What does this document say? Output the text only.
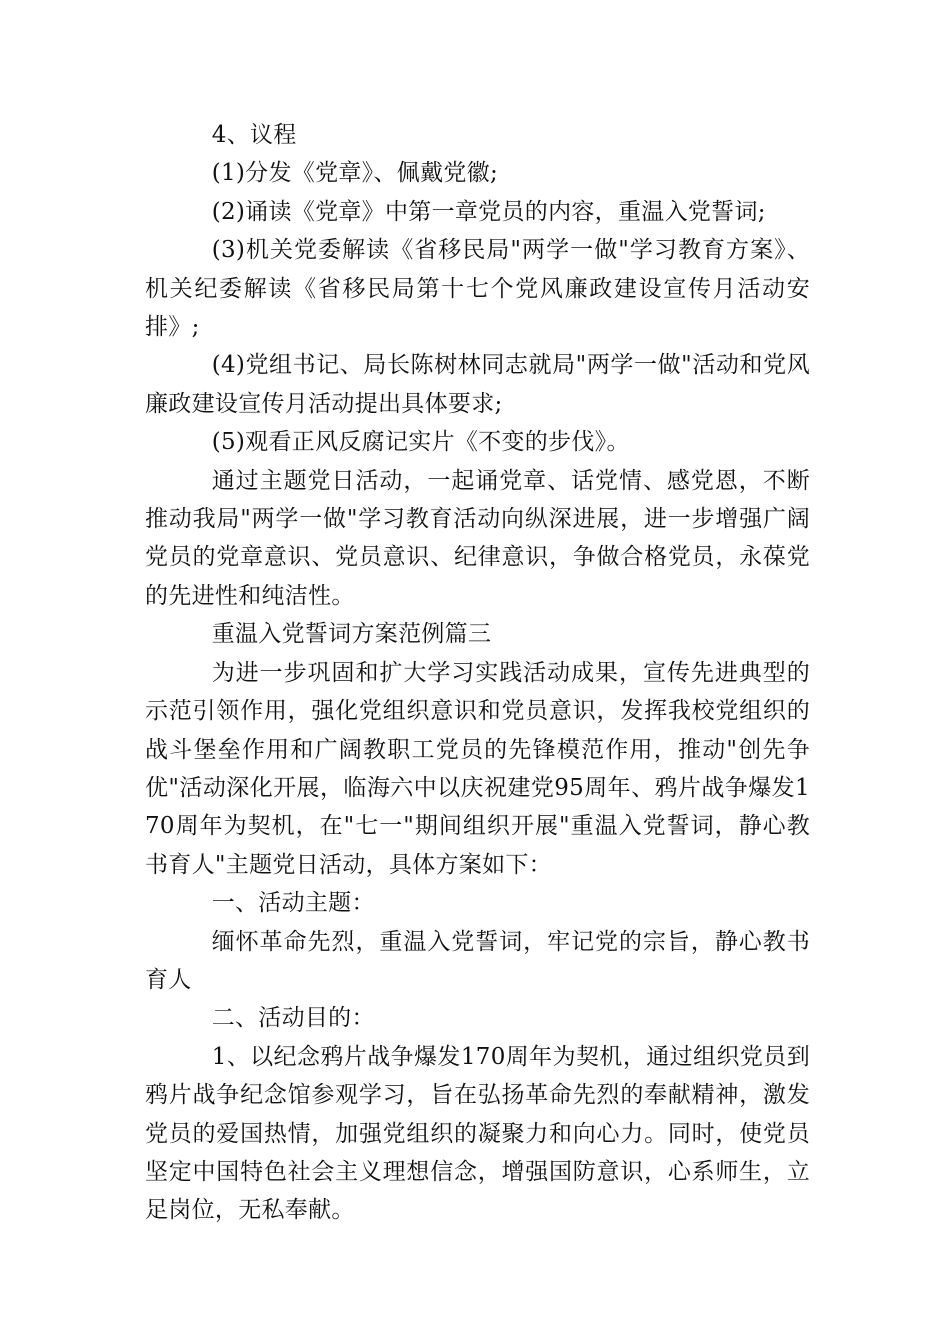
4、议程

(1)分发《党章》、佩戴党徽;

(2)诵读《党章》中第一章党员的内容，重温入党誓词;

(3)机关党委解读《省移民局"两学一做"学习教育方案》、机关纪委解读《省移民局第十七个党风廉政建设宣传月活动安排》;

(4)党组书记、局长陈树林同志就局"两学一做"活动和党风廉政建设宣传月活动提出具体要求;

(5)观看正风反腐记实片《不变的步伐》。

通过主题党日活动，一起诵党章、话党情、感党恩，不断推动我局"两学一做"学习教育活动向纵深进展，进一步增强广阔党员的党章意识、党员意识、纪律意识，争做合格党员，永葆党的先进性和纯洁性。

重温入党誓词方案范例篇三

为进一步巩固和扩大学习实践活动成果，宣传先进典型的示范引领作用，强化党组织意识和党员意识，发挥我校党组织的战斗堡垒作用和广阔教职工党员的先锋模范作用，推动"创先争优"活动深化开展，临海六中以庆祝建党95周年、鸦片战争爆发170周年为契机，在"七一"期间组织开展"重温入党誓词，静心教书育人"主题党日活动，具体方案如下：

一、活动主题：

缅怀革命先烈，重温入党誓词，牢记党的宗旨，静心教书育人

二、活动目的：

1、以纪念鸦片战争爆发170周年为契机，通过组织党员到鸦片战争纪念馆参观学习，旨在弘扬革命先烈的奉献精神，激发党员的爱国热情，加强党组织的凝聚力和向心力。同时，使党员坚定中国特色社会主义理想信念，增强国防意识，心系师生，立足岗位，无私奉献。
